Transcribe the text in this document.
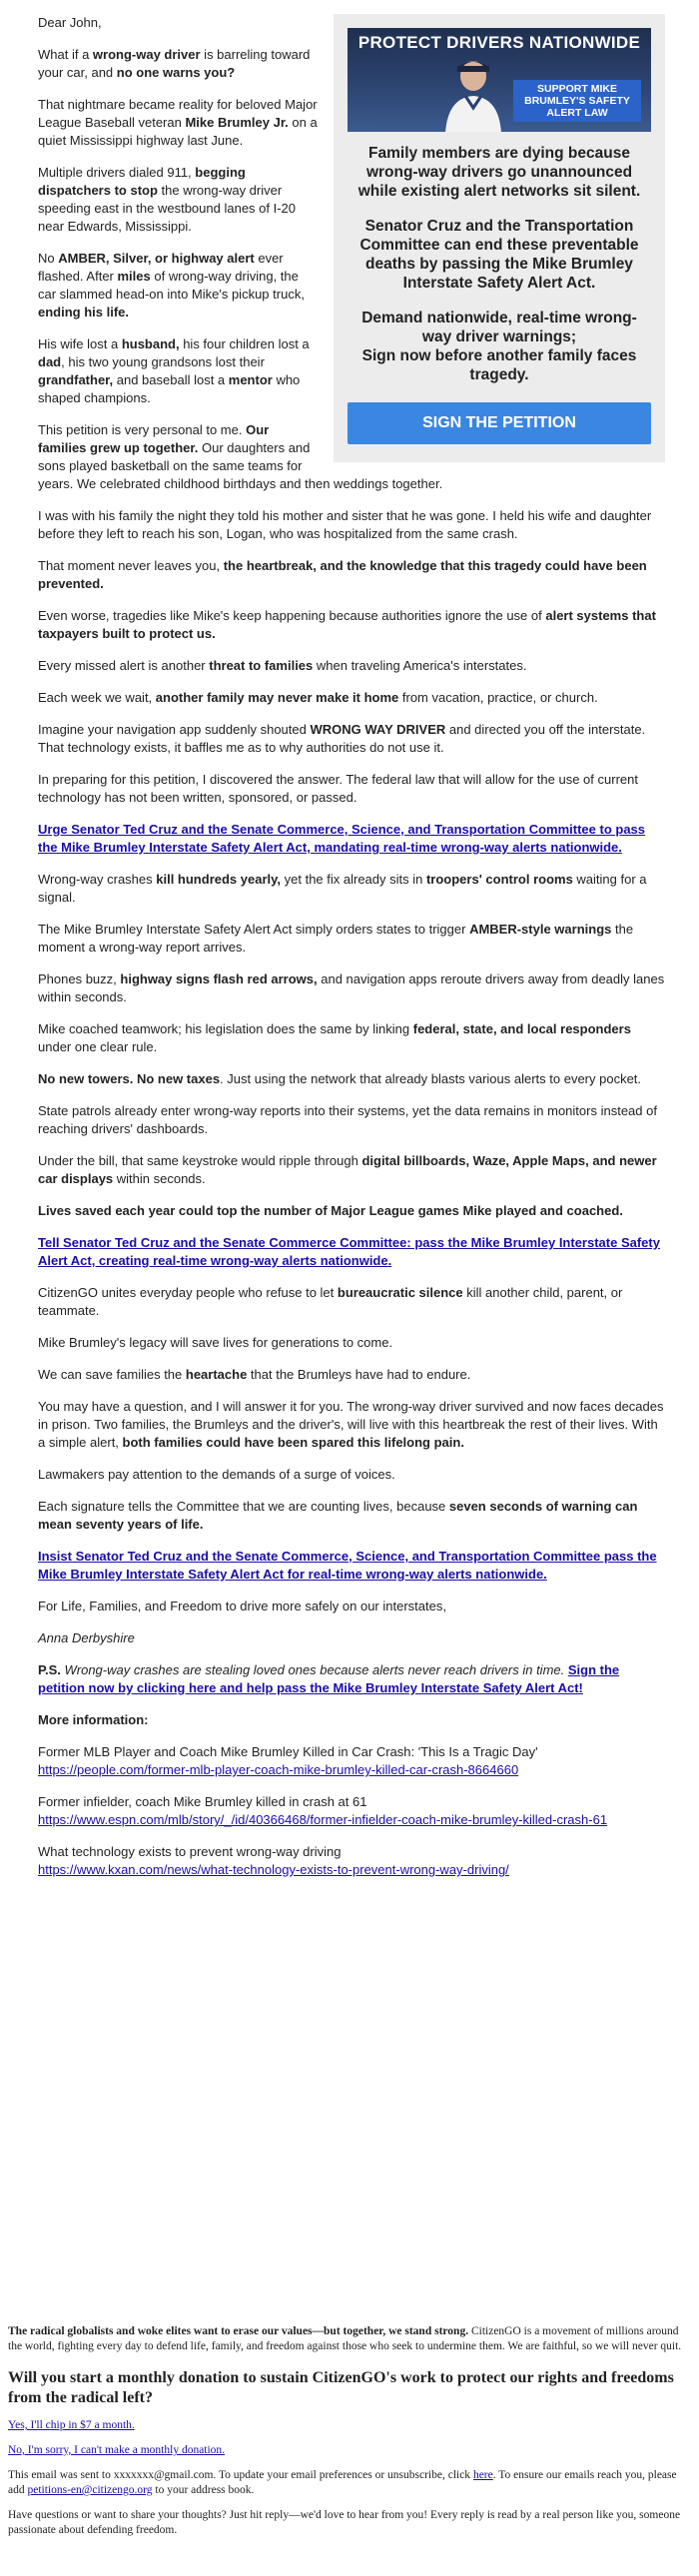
PROTECT DRIVERS NATIONWIDE
SUPPORT MIKE BRUMLEY'S SAFETY ALERT LAW
Family members are dying because wrong-way drivers go unannounced while existing alert networks sit silent.
Senator Cruz and the Transportation Committee can end these preventable deaths by passing the Mike Brumley Interstate Safety Alert Act.
Demand nationwide, real-time wrong-way driver warnings;
Sign now before another family faces tragedy.
SIGN THE PETITION

Dear John,

What if a wrong-way driver is barreling toward your car, and no one warns you?

That nightmare became reality for beloved Major League Baseball veteran Mike Brumley Jr. on a quiet Mississippi highway last June.

Multiple drivers dialed 911, begging dispatchers to stop the wrong-way driver speeding east in the westbound lanes of I-20 near Edwards, Mississippi.

No AMBER, Silver, or highway alert ever flashed. After miles of wrong-way driving, the car slammed head-on into Mike's pickup truck, ending his life.

His wife lost a husband, his four children lost a dad, his two young grandsons lost their grandfather, and baseball lost a mentor who shaped champions.

This petition is very personal to me. Our families grew up together. Our daughters and sons played basketball on the same teams for years. We celebrated childhood birthdays and then weddings together.

I was with his family the night they told his mother and sister that he was gone. I held his wife and daughter before they left to reach his son, Logan, who was hospitalized from the same crash.

That moment never leaves you, the heartbreak, and the knowledge that this tragedy could have been prevented.

Even worse, tragedies like Mike's keep happening because authorities ignore the use of alert systems that taxpayers built to protect us.

Every missed alert is another threat to families when traveling America's interstates.

Each week we wait, another family may never make it home from vacation, practice, or church.

Imagine your navigation app suddenly shouted WRONG WAY DRIVER and directed you off the interstate. That technology exists, it baffles me as to why authorities do not use it.

In preparing for this petition, I discovered the answer. The federal law that will allow for the use of current technology has not been written, sponsored, or passed.

Urge Senator Ted Cruz and the Senate Commerce, Science, and Transportation Committee to pass the Mike Brumley Interstate Safety Alert Act, mandating real-time wrong-way alerts nationwide.

Wrong-way crashes kill hundreds yearly, yet the fix already sits in troopers' control rooms waiting for a signal.

The Mike Brumley Interstate Safety Alert Act simply orders states to trigger AMBER-style warnings the moment a wrong-way report arrives.

Phones buzz, highway signs flash red arrows, and navigation apps reroute drivers away from deadly lanes within seconds.

Mike coached teamwork; his legislation does the same by linking federal, state, and local responders under one clear rule.

No new towers. No new taxes. Just using the network that already blasts various alerts to every pocket.

State patrols already enter wrong-way reports into their systems, yet the data remains in monitors instead of reaching drivers' dashboards.

Under the bill, that same keystroke would ripple through digital billboards, Waze, Apple Maps, and newer car displays within seconds.

Lives saved each year could top the number of Major League games Mike played and coached.

Tell Senator Ted Cruz and the Senate Commerce Committee: pass the Mike Brumley Interstate Safety Alert Act, creating real-time wrong-way alerts nationwide.

CitizenGO unites everyday people who refuse to let bureaucratic silence kill another child, parent, or teammate.

Mike Brumley's legacy will save lives for generations to come.

We can save families the heartache that the Brumleys have had to endure.

You may have a question, and I will answer it for you. The wrong-way driver survived and now faces decades in prison. Two families, the Brumleys and the driver's, will live with this heartbreak the rest of their lives. With a simple alert, both families could have been spared this lifelong pain.

Lawmakers pay attention to the demands of a surge of voices.

Each signature tells the Committee that we are counting lives, because seven seconds of warning can mean seventy years of life.

Insist Senator Ted Cruz and the Senate Commerce, Science, and Transportation Committee pass the Mike Brumley Interstate Safety Alert Act for real-time wrong-way alerts nationwide.

For Life, Families, and Freedom to drive more safely on our interstates,

Anna Derbyshire

P.S. Wrong-way crashes are stealing loved ones because alerts never reach drivers in time. Sign the petition now by clicking here and help pass the Mike Brumley Interstate Safety Alert Act!

More information:

Former MLB Player and Coach Mike Brumley Killed in Car Crash: 'This Is a Tragic Day'
https://people.com/former-mlb-player-coach-mike-brumley-killed-car-crash-8664660

Former infielder, coach Mike Brumley killed in crash at 61
https://www.espn.com/mlb/story/_/id/40366468/former-infielder-coach-mike-brumley-killed-crash-61

What technology exists to prevent wrong-way driving
https://www.kxan.com/news/what-technology-exists-to-prevent-wrong-way-driving/

The radical globalists and woke elites want to erase our values—but together, we stand strong. CitizenGO is a movement of millions around the world, fighting every day to defend life, family, and freedom against those who seek to undermine them. We are faithful, so we will never quit.

Will you start a monthly donation to sustain CitizenGO's work to protect our rights and freedoms from the radical left?

Yes, I'll chip in $7 a month.

No, I'm sorry, I can't make a monthly donation.

This email was sent to xxxxxxx@gmail.com. To update your email preferences or unsubscribe, click here. To ensure our emails reach you, please add petitions-en@citizengo.org to your address book.

Have questions or want to share your thoughts? Just hit reply—we'd love to hear from you! Every reply is read by a real person like you, someone passionate about defending freedom.
